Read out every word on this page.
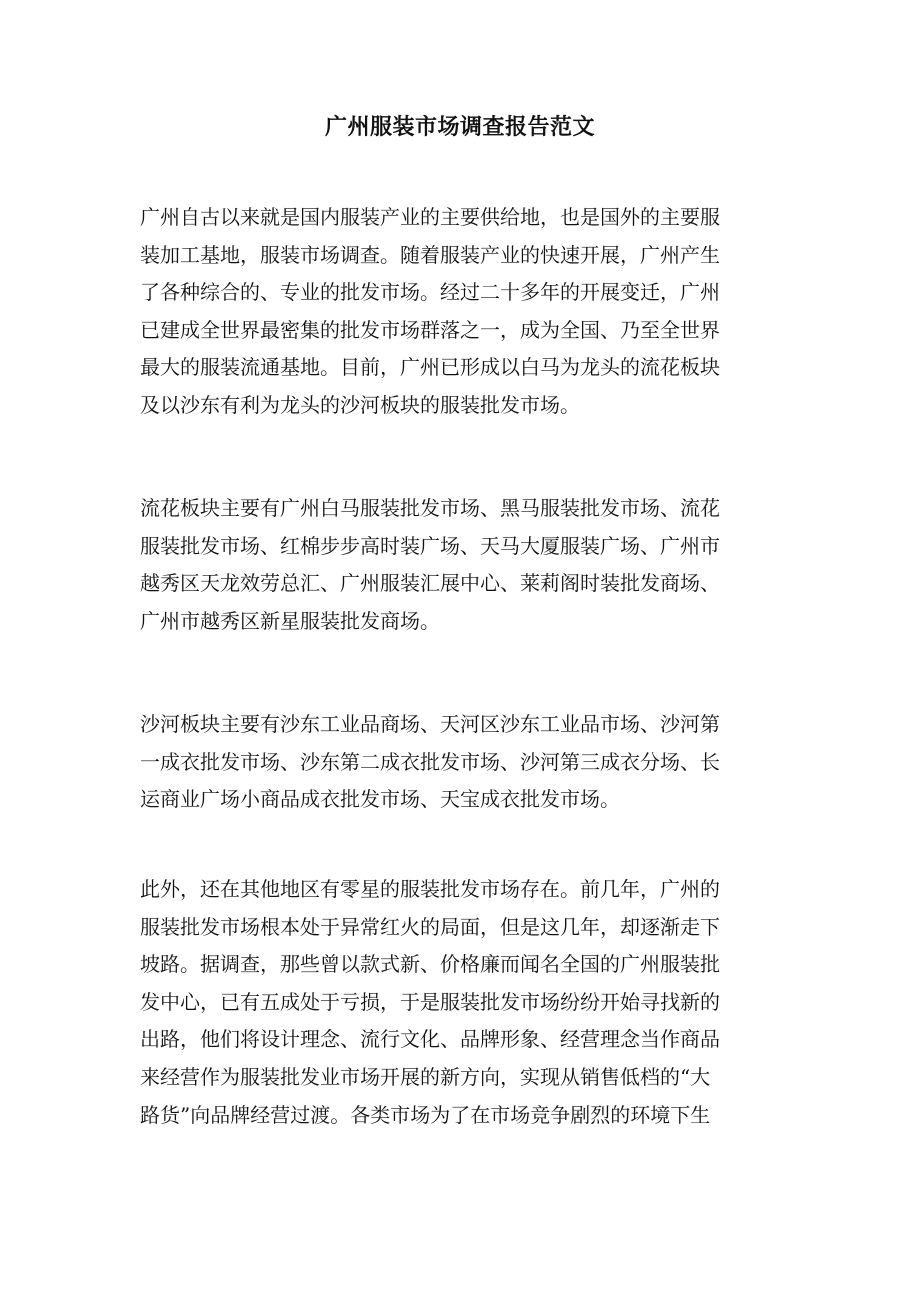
广州服装市场调查报告范文
广州自古以来就是国内服装产业的主要供给地，也是国外的主要服
装加工基地，服装市场调查。随着服装产业的快速开展，广州产生
了各种综合的、专业的批发市场。经过二十多年的开展变迁，广州
已建成全世界最密集的批发市场群落之一，成为全国、乃至全世界
最大的服装流通基地。目前，广州已形成以白马为龙头的流花板块
及以沙东有利为龙头的沙河板块的服装批发市场。
流花板块主要有广州白马服装批发市场、黑马服装批发市场、流花
服装批发市场、红棉步步高时装广场、天马大厦服装广场、广州市
越秀区天龙效劳总汇、广州服装汇展中心、莱莉阁时装批发商场、
广州市越秀区新星服装批发商场。
沙河板块主要有沙东工业品商场、天河区沙东工业品市场、沙河第
一成衣批发市场、沙东第二成衣批发市场、沙河第三成衣分场、长
运商业广场小商品成衣批发市场、天宝成衣批发市场。
此外，还在其他地区有零星的服装批发市场存在。前几年，广州的
服装批发市场根本处于异常红火的局面，但是这几年，却逐渐走下
坡路。据调查，那些曾以款式新、价格廉而闻名全国的广州服装批
发中心，已有五成处于亏损，于是服装批发市场纷纷开始寻找新的
出路，他们将设计理念、流行文化、品牌形象、经营理念当作商品
来经营作为服装批发业市场开展的新方向，实现从销售低档的“大
路货”向品牌经营过渡。各类市场为了在市场竞争剧烈的环境下生
